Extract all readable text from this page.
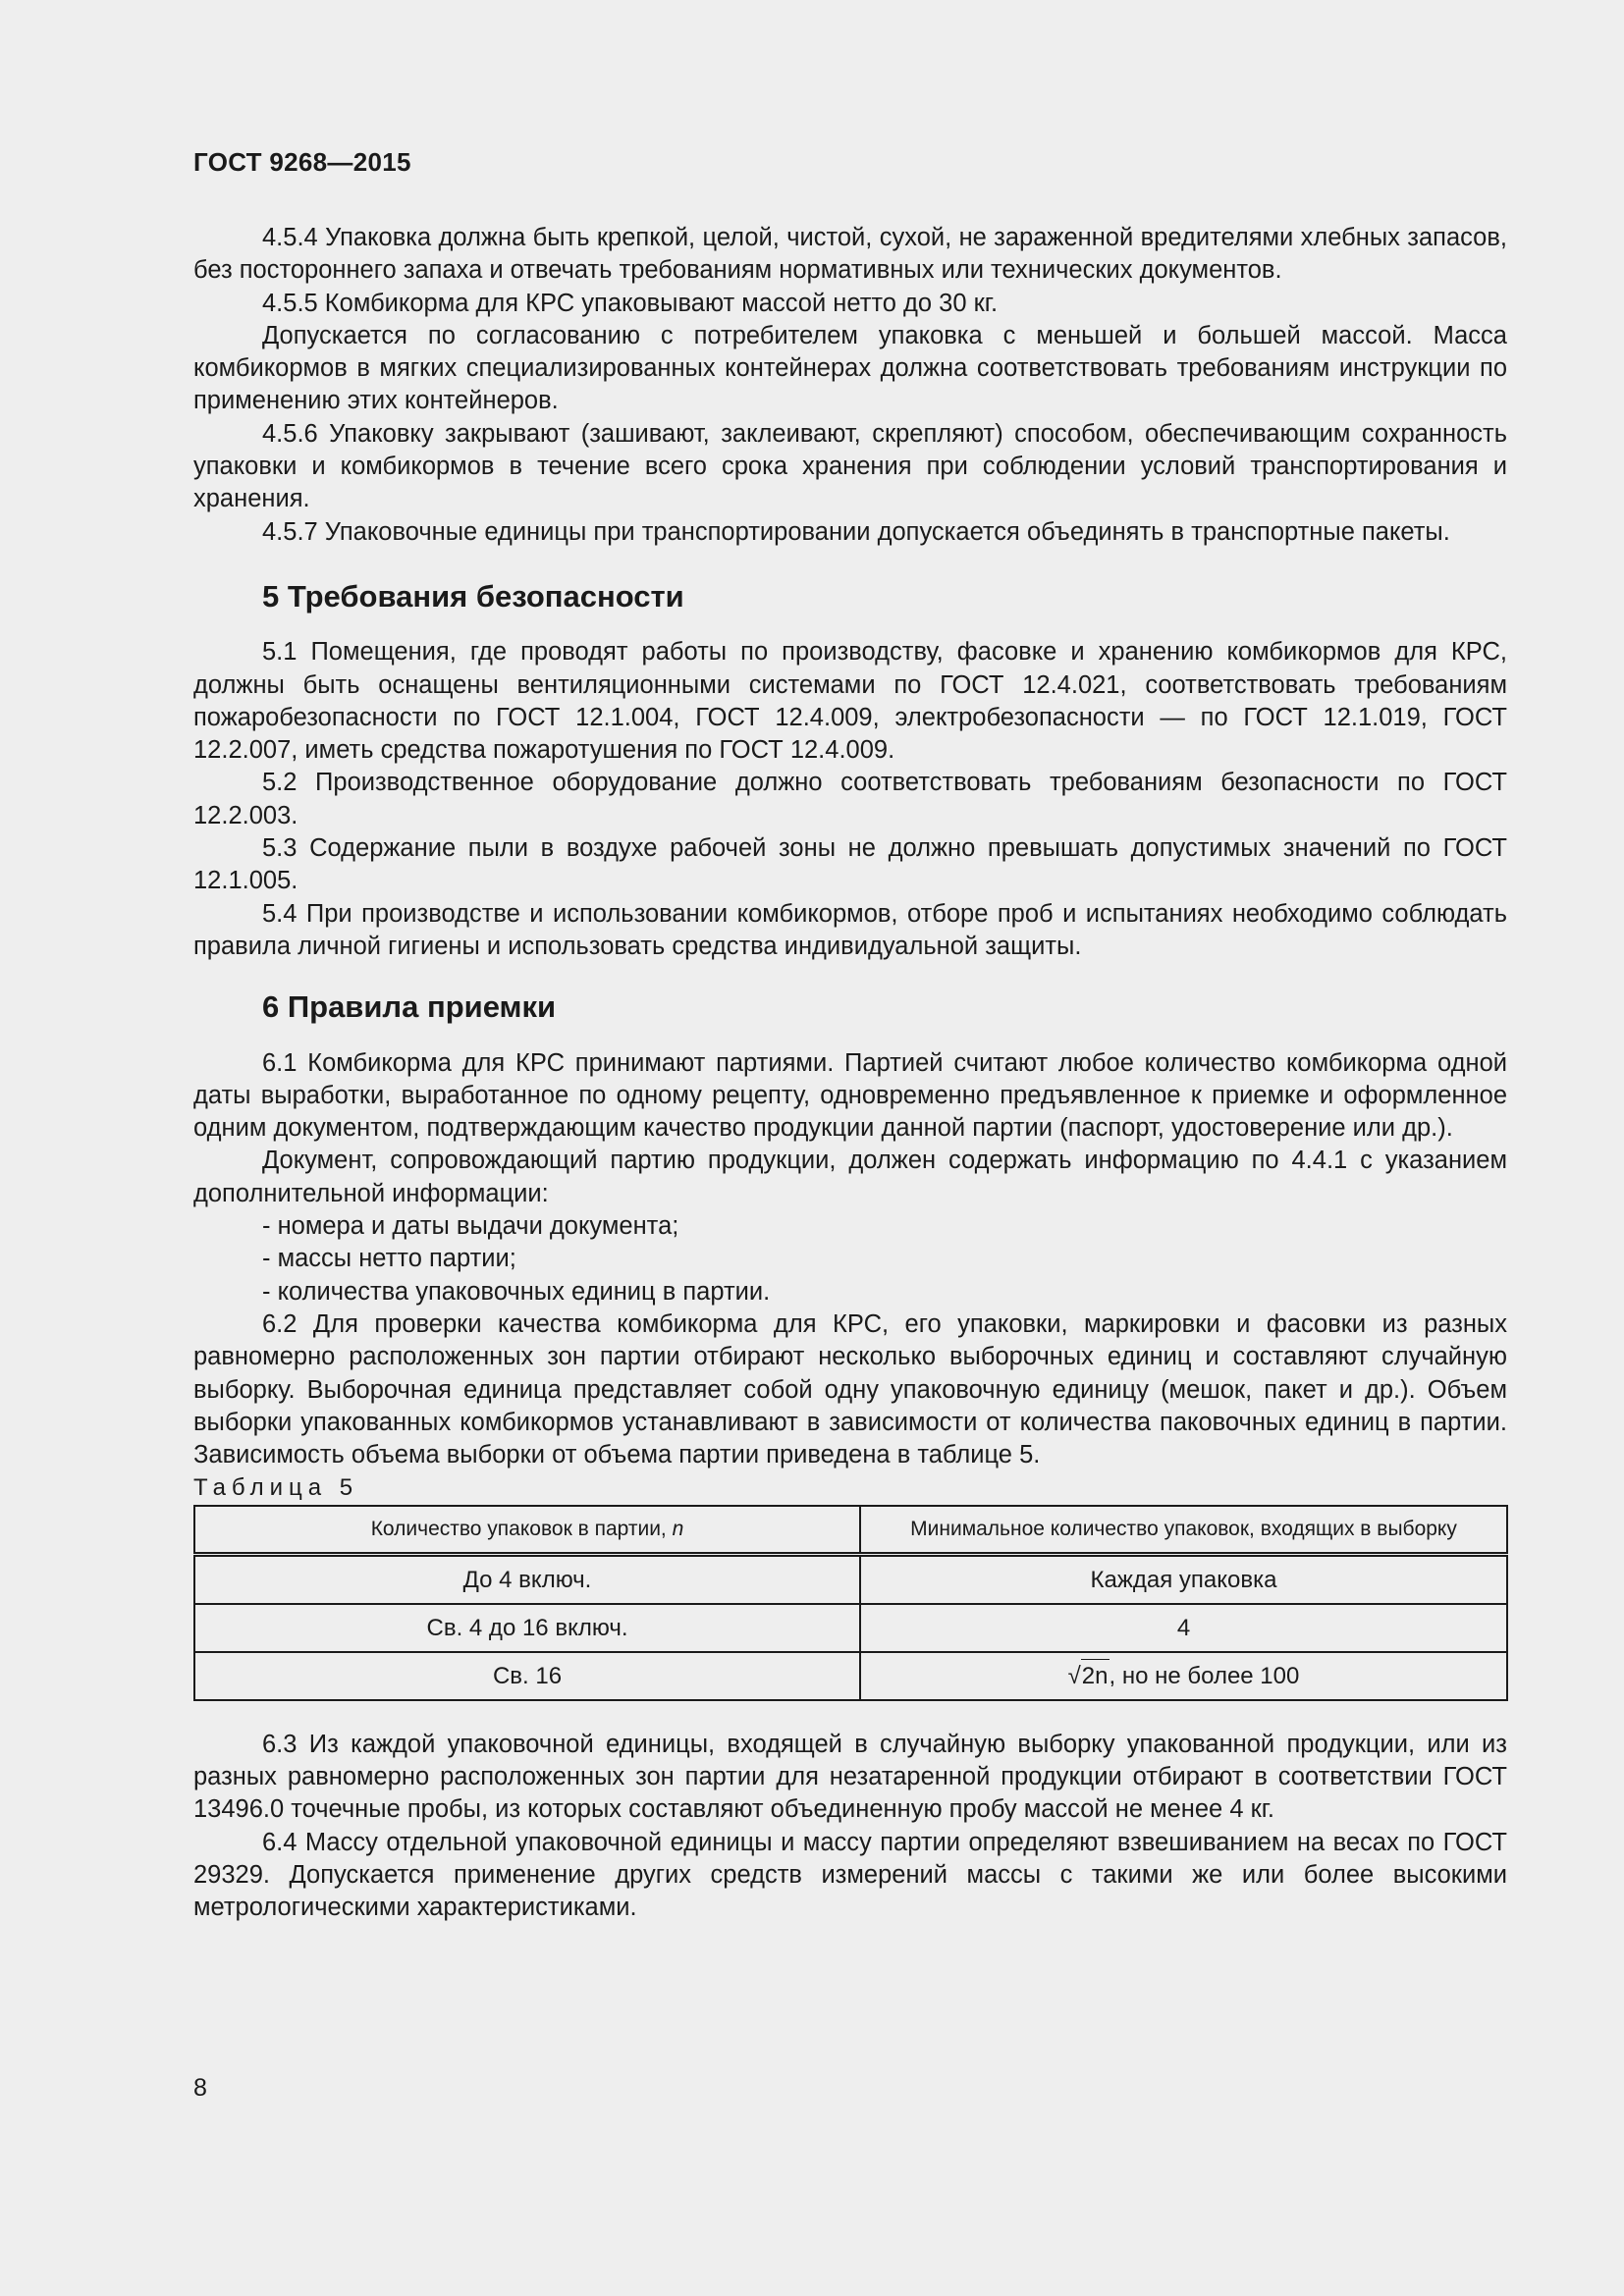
ГОСТ 9268—2015

4.5.4 Упаковка должна быть крепкой, целой, чистой, сухой, не зараженной вредителями хлебных запасов, без постороннего запаха и отвечать требованиям нормативных или технических документов.

4.5.5 Комбикорма для КРС упаковывают массой нетто до 30 кг.

Допускается по согласованию с потребителем упаковка с меньшей и большей массой. Масса комбикормов в мягких специализированных контейнерах должна соответствовать требованиям инструкции по применению этих контейнеров.

4.5.6 Упаковку закрывают (зашивают, заклеивают, скрепляют) способом, обеспечивающим сохранность упаковки и комбикормов в течение всего срока хранения при соблюдении условий транспортирования и хранения.

4.5.7 Упаковочные единицы при транспортировании допускается объединять в транспортные пакеты.

5 Требования безопасности

5.1 Помещения, где проводят работы по производству, фасовке и хранению комбикормов для КРС, должны быть оснащены вентиляционными системами по ГОСТ 12.4.021, соответствовать требованиям пожаробезопасности по ГОСТ 12.1.004, ГОСТ 12.4.009, электробезопасности — по ГОСТ 12.1.019, ГОСТ 12.2.007, иметь средства пожаротушения по ГОСТ 12.4.009.

5.2 Производственное оборудование должно соответствовать требованиям безопасности по ГОСТ 12.2.003.

5.3 Содержание пыли в воздухе рабочей зоны не должно превышать допустимых значений по ГОСТ 12.1.005.

5.4 При производстве и использовании комбикормов, отборе проб и испытаниях необходимо соблюдать правила личной гигиены и использовать средства индивидуальной защиты.

6 Правила приемки

6.1 Комбикорма для КРС принимают партиями. Партией считают любое количество комбикорма одной даты выработки, выработанное по одному рецепту, одновременно предъявленное к приемке и оформленное одним документом, подтверждающим качество продукции данной партии (паспорт, удостоверение или др.).

Документ, сопровождающий партию продукции, должен содержать информацию по 4.4.1 с указанием дополнительной информации:

- номера и даты выдачи документа;

- массы нетто партии;

- количества упаковочных единиц в партии.

6.2 Для проверки качества комбикорма для КРС, его упаковки, маркировки и фасовки из разных равномерно расположенных зон партии отбирают несколько выборочных единиц и составляют случайную выборку. Выборочная единица представляет собой одну упаковочную единицу (мешок, пакет и др.). Объем выборки упакованных комбикормов устанавливают в зависимости от количества паковочных единиц в партии. Зависимость объема выборки от объема партии приведена в таблице 5.

Таблица 5

Количество упаковок в партии, n	Минимальное количество упаковок, входящих в выборку
До 4 включ.	Каждая упаковка
Св. 4 до 16 включ.	4
Св. 16	√2n, но не более 100

6.3 Из каждой упаковочной единицы, входящей в случайную выборку упакованной продукции, или из разных равномерно расположенных зон партии для незатаренной продукции отбирают в соответствии ГОСТ 13496.0 точечные пробы, из которых составляют объединенную пробу массой не менее 4 кг.

6.4 Массу отдельной упаковочной единицы и массу партии определяют взвешиванием на весах по ГОСТ 29329. Допускается применение других средств измерений массы с такими же или более высокими метрологическими характеристиками.

8
